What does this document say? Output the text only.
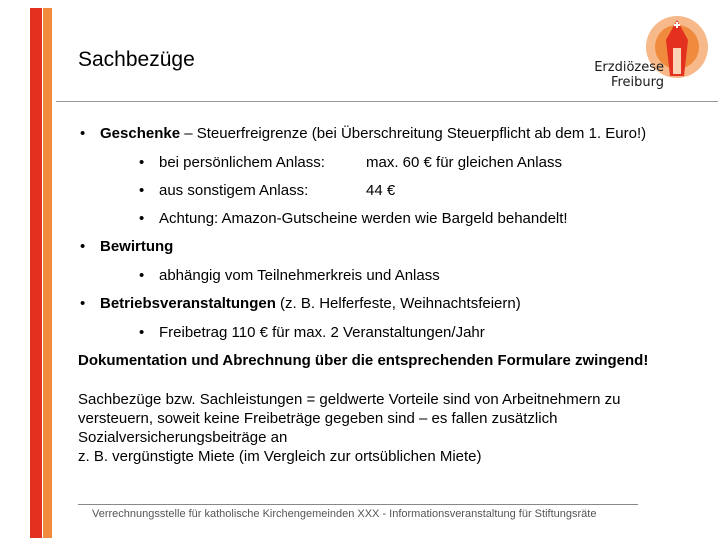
Sachbezüge	Erzdiözese
Freiburg
• Geschenke – Steuerfreigrenze (bei Überschreitung Steuerpflicht ab dem 1. Euro!)
• bei persönlichem Anlass:	max. 60 € für gleichen Anlass
• aus sonstigem Anlass:	44 €
• Achtung: Amazon-Gutscheine werden wie Bargeld behandelt!
• Bewirtung
• abhängig vom Teilnehmerkreis und Anlass
• Betriebsveranstaltungen (z. B. Helferfeste, Weihnachtsfeiern)
• Freibetrag 110 € für max. 2 Veranstaltungen/Jahr
Dokumentation und Abrechnung über die entsprechenden Formulare zwingend!
Sachbezüge bzw. Sachleistungen = geldwerte Vorteile sind von Arbeitnehmern zu
versteuern, soweit keine Freibeträge gegeben sind – es fallen zusätzlich
Sozialversicherungsbeiträge an
z. B. vergünstigte Miete (im Vergleich zur ortsüblichen Miete)
Verrechnungsstelle für katholische Kirchengemeinden XXX - Informationsveranstaltung für Stiftungsräte
